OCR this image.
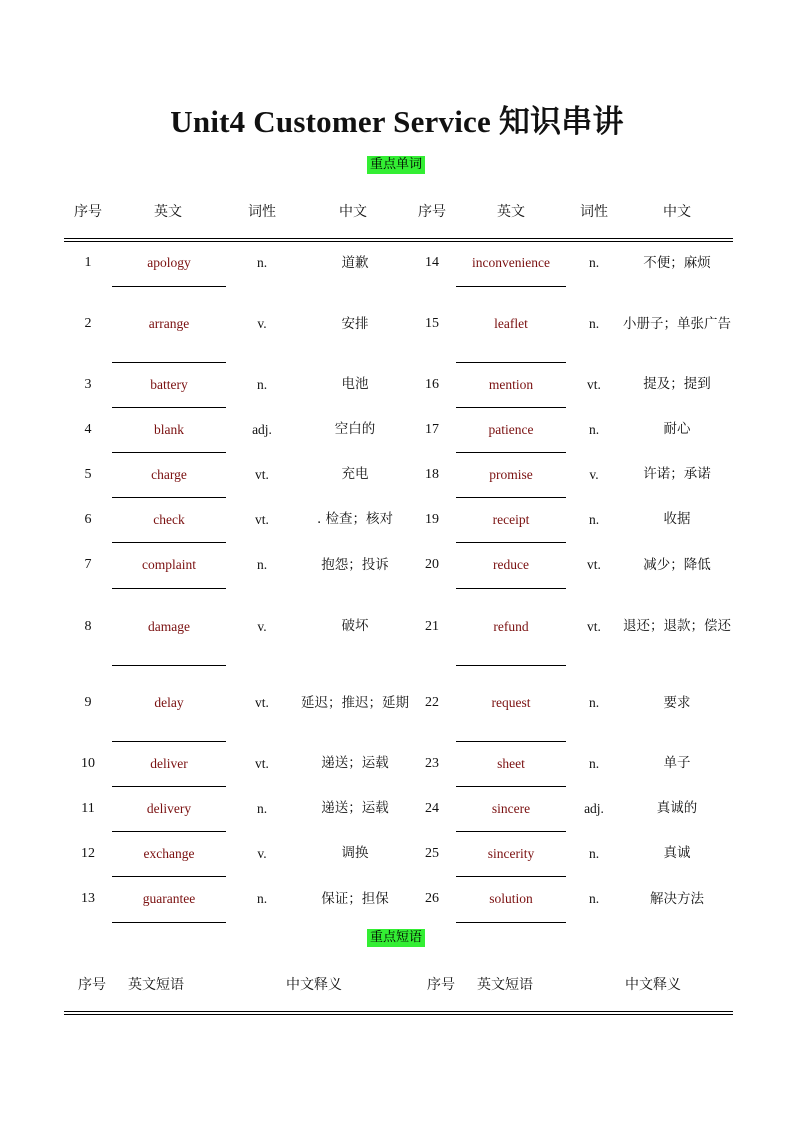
Unit4 Customer Service 知识串讲
重点单词
序号	英文	词性	中文	序号	英文	词性	中文
1	apology	n.	道歉	14	inconvenience	n.	不便；麻烦
2	arrange	v.	安排	15	leaflet	n.	小册子；单张广告
3	battery	n.	电池	16	mention	vt.	提及；提到
4	blank	adj.	空白的	17	patience	n.	耐心
5	charge	vt.	充电	18	promise	v.	许诺；承诺
6	check	vt.	. 检查；核对	19	receipt	n.	收据
7	complaint	n.	抱怨；投诉	20	reduce	vt.	减少；降低
8	damage	v.	破坏	21	refund	vt.	退还；退款；偿还
9	delay	vt.	延迟；推迟；延期	22	request	n.	要求
10	deliver	vt.	递送；运载	23	sheet	n.	单子
11	delivery	n.	递送；运载	24	sincere	adj.	真诚的
12	exchange	v.	调换	25	sincerity	n.	真诚
13	guarantee	n.	保证；担保	26	solution	n.	解决方法
重点短语
序号	英文短语	中文释义	序号	英文短语	中文释义
